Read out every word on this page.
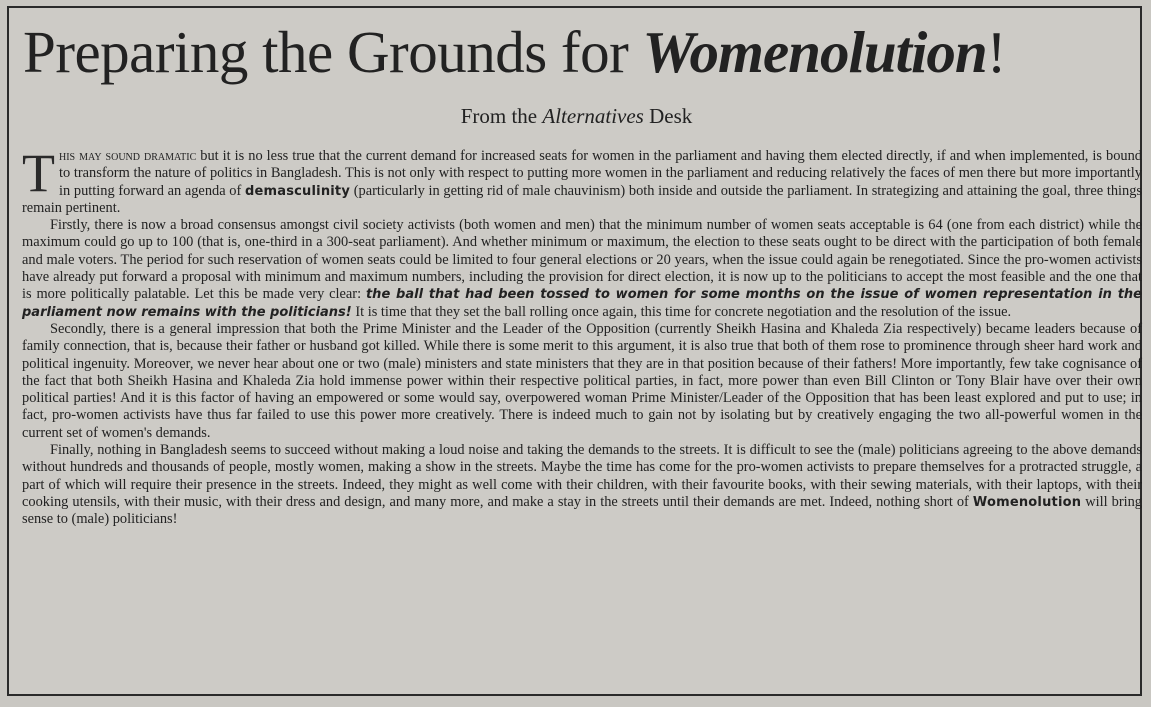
Preparing the Grounds for Womenolution!
From the Alternatives Desk

This may sound dramatic but it is no less true that the current demand for increased seats for women in the parliament and having them elected directly, if and when implemented, is bound to transform the nature of politics in Bangladesh. This is not only with respect to putting more women in the parliament and reducing relatively the faces of men there but more importantly in putting forward an agenda of demasculinity (particularly in getting rid of male chauvinism) both inside and outside the parliament. In strategizing and attaining the goal, three things remain pertinent.

Firstly, there is now a broad consensus amongst civil society activists (both women and men) that the minimum number of women seats acceptable is 64 (one from each district) while the maximum could go up to 100 (that is, one-third in a 300-seat parliament). And whether minimum or maximum, the election to these seats ought to be direct with the participation of both female and male voters. The period for such reservation of women seats could be limited to four general elections or 20 years, when the issue could again be renegotiated. Since the pro-women activists have already put forward a proposal with minimum and maximum numbers, including the provision for direct election, it is now up to the politicians to accept the most feasible and the one that is more politically palatable. Let this be made very clear: the ball that had been tossed to women for some months on the issue of women representation in the parliament now remains with the politicians! It is time that they set the ball rolling once again, this time for concrete negotiation and the resolution of the issue.

Secondly, there is a general impression that both the Prime Minister and the Leader of the Opposition (currently Sheikh Hasina and Khaleda Zia respectively) became leaders because of family connection, that is, because their father or husband got killed. While there is some merit to this argument, it is also true that both of them rose to prominence through sheer hard work and political ingenuity. Moreover, we never hear about one or two (male) ministers and state ministers that they are in that position because of their fathers! More importantly, few take cognisance of the fact that both Sheikh Hasina and Khaleda Zia hold immense power within their respective political parties, in fact, more power than even Bill Clinton or Tony Blair have over their own political parties! And it is this factor of having an empowered or some would say, overpowered woman Prime Minister/Leader of the Opposition that has been least explored and put to use; in fact, pro-women activists have thus far failed to use this power more creatively. There is indeed much to gain not by isolating but by creatively engaging the two all-powerful women in the current set of women's demands.

Finally, nothing in Bangladesh seems to succeed without making a loud noise and taking the demands to the streets. It is difficult to see the (male) politicians agreeing to the above demands without hundreds and thousands of people, mostly women, making a show in the streets. Maybe the time has come for the pro-women activists to prepare themselves for a protracted struggle, a part of which will require their presence in the streets. Indeed, they might as well come with their children, with their favourite books, with their sewing materials, with their laptops, with their cooking utensils, with their music, with their dress and design, and many more, and make a stay in the streets until their demands are met. Indeed, nothing short of Womenolution will bring sense to (male) politicians!
